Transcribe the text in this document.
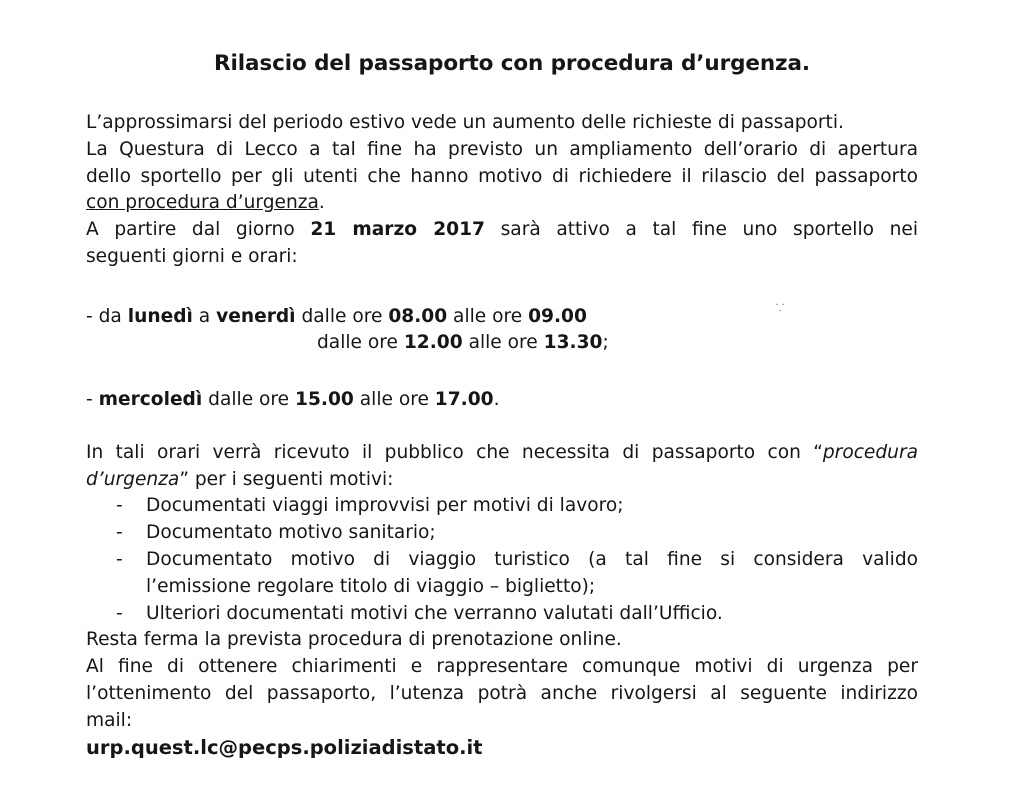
Rilascio del passaporto con procedura d’urgenza.

L’approssimarsi del periodo estivo vede un aumento delle richieste di passaporti.

La Questura di Lecco a tal fine ha previsto un ampliamento dell’orario di apertura

dello sportello per gli utenti che hanno motivo di richiedere il rilascio del passaporto

con procedura d’urgenza.

A partire dal giorno 21 marzo 2017 sarà attivo a tal fine uno sportello nei

seguenti giorni e orari:

- da lunedì a venerdì dalle ore 08.00 alle ore 09.00

dalle ore 12.00 alle ore 13.30;

- mercoledì dalle ore 15.00 alle ore 17.00.

In tali orari verrà ricevuto il pubblico che necessita di passaporto con “procedura

d’urgenza” per i seguenti motivi:

- Documentati viaggi improvvisi per motivi di lavoro;
- Documentato motivo sanitario;
- Documentato motivo di viaggio turistico (a tal fine si considera valido
l’emissione regolare titolo di viaggio – biglietto);
- Ulteriori documentati motivi che verranno valutati dall’Ufficio.

Resta ferma la prevista procedura di prenotazione online.

Al fine di ottenere chiarimenti e rappresentare comunque motivi di urgenza per

l’ottenimento del passaporto, l’utenza potrà anche rivolgersi al seguente indirizzo

mail:

urp.quest.lc@pecps.poliziadistato.it

⸪
